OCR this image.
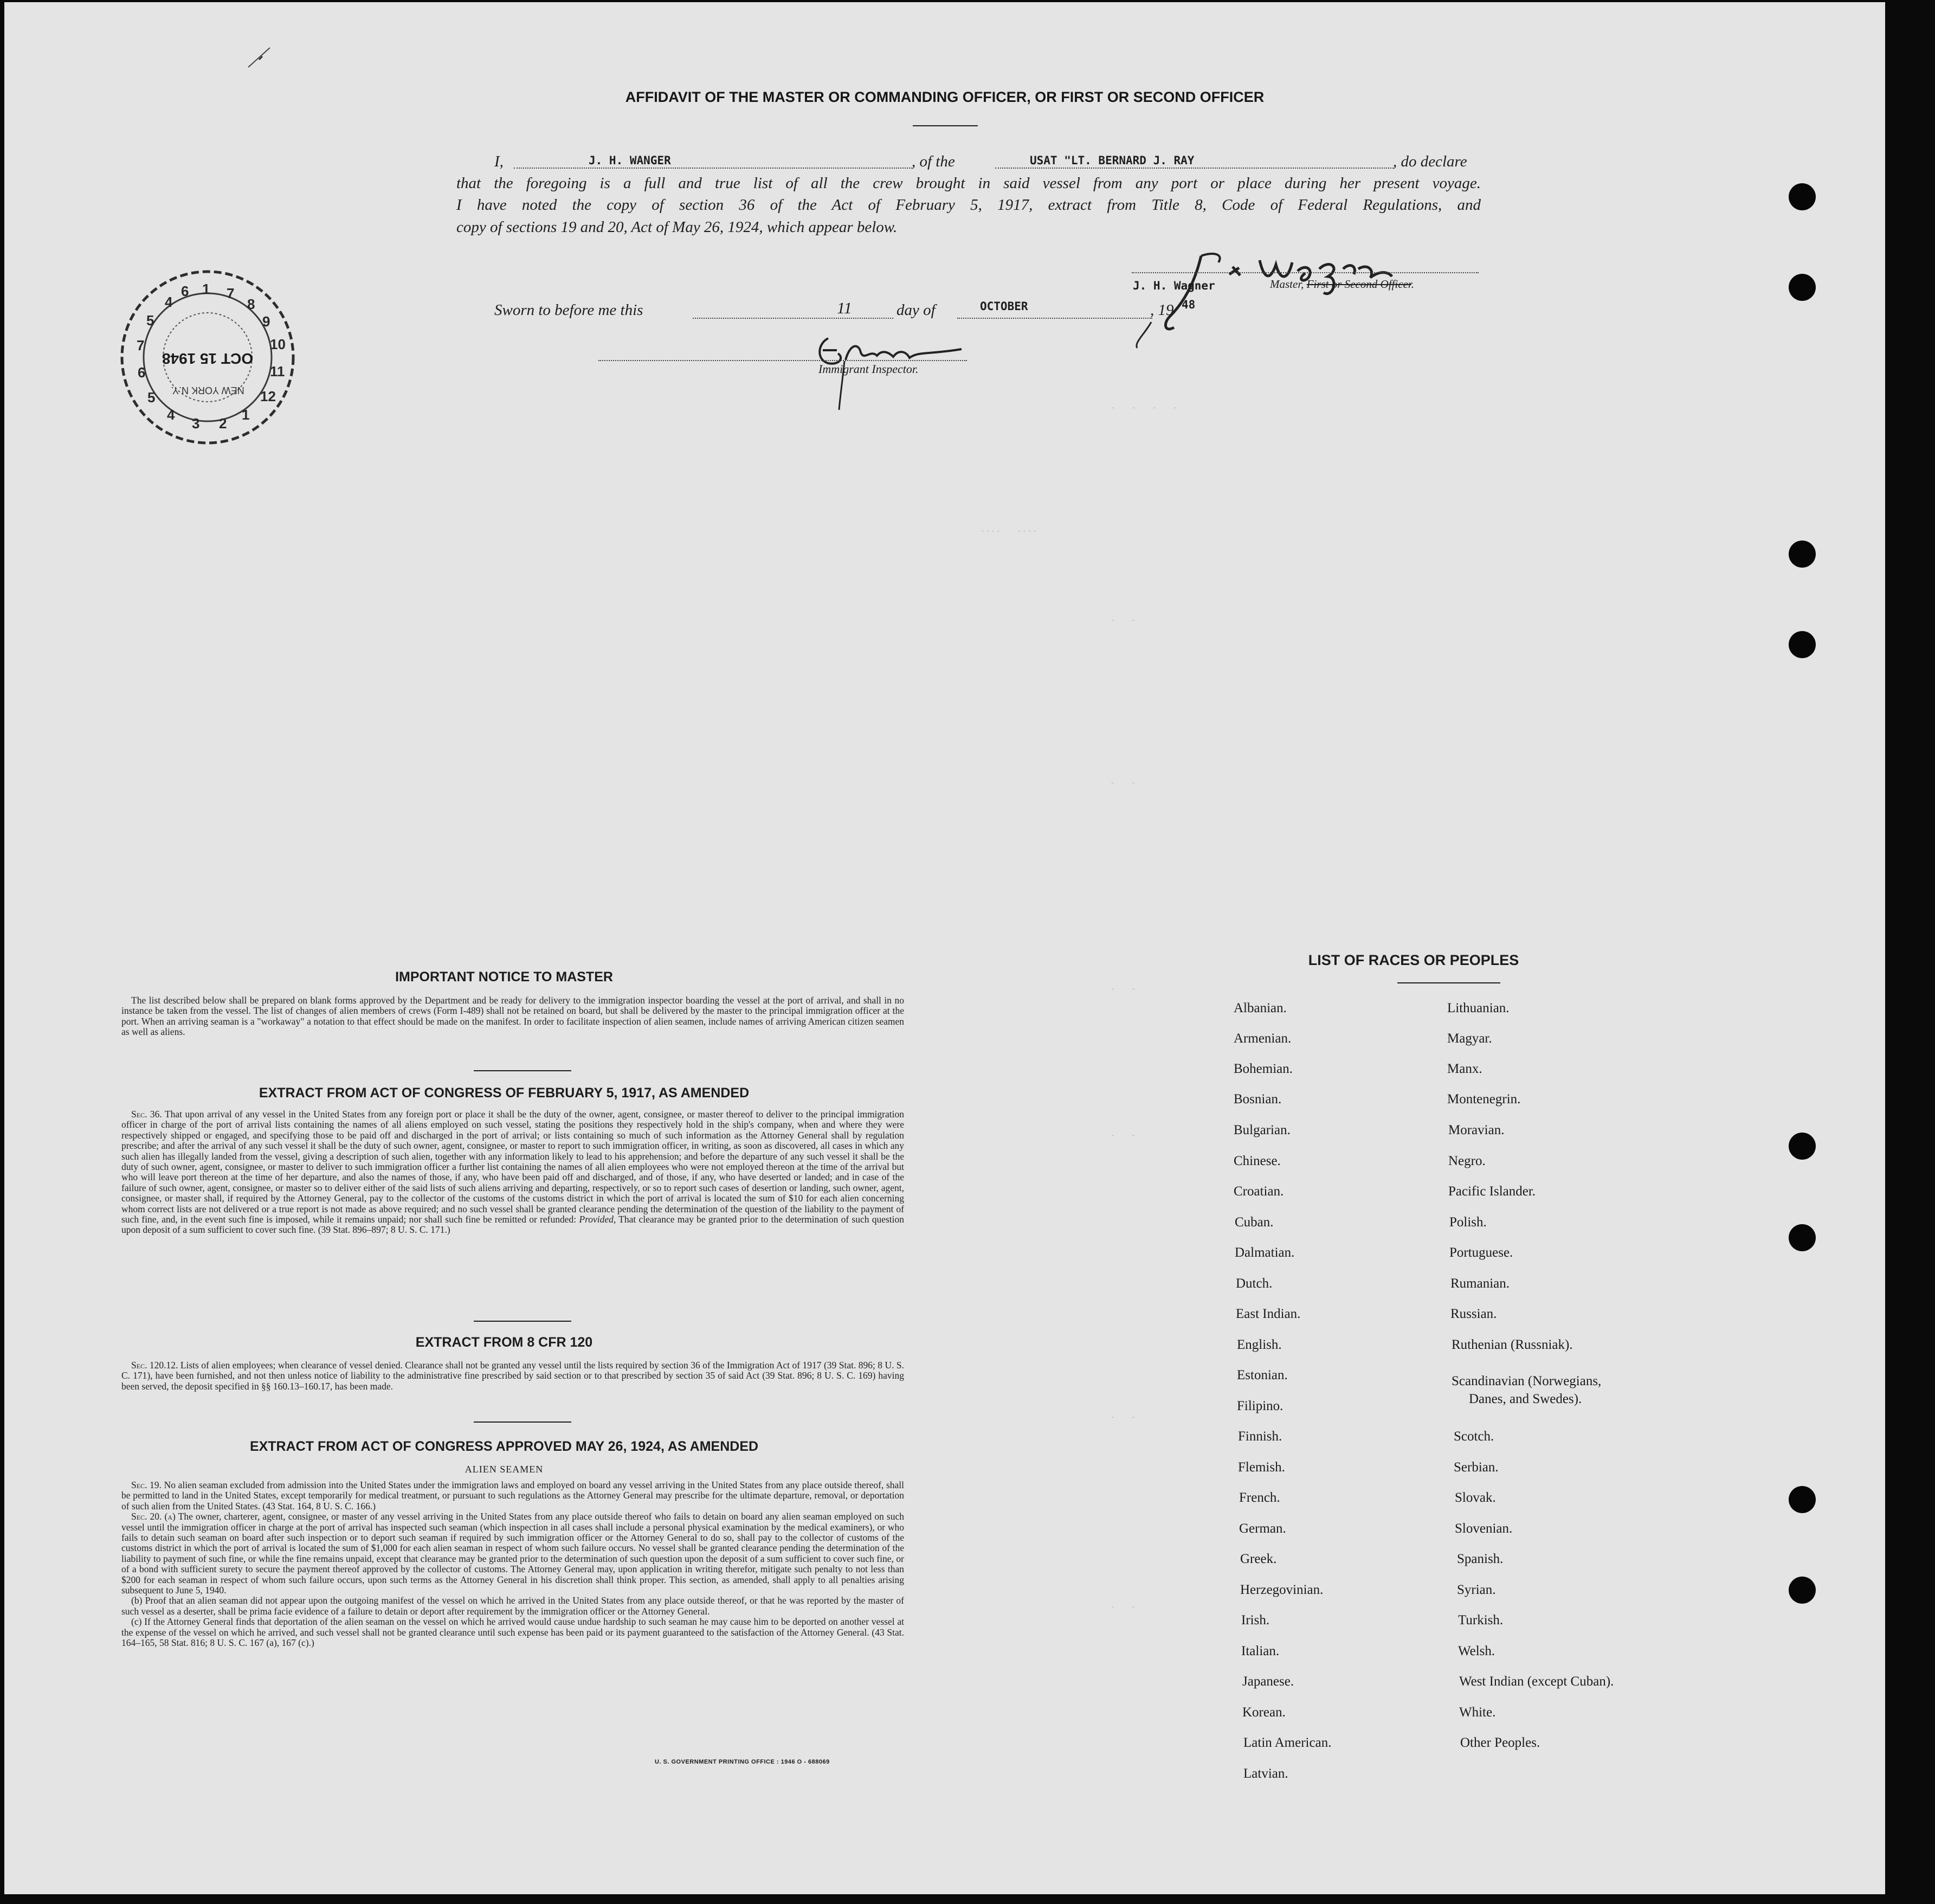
-   -   -   -
....   ....
-   -
-   -
-   -
-   -
-   -
-   -
1 7
8
9
10
11
12
1
2
3
4
5
6
7
5
4
6
OCT 15 1948
NEW YORK N.Y.
AFFIDAVIT OF THE MASTER OR COMMANDING OFFICER, OR FIRST OR SECOND OFFICER
I,	J. H. WANGER	, of the	USAT "LT. BERNARD J. RAY	, do declare
that the foregoing is a full and true list of all the crew brought in said vessel from any port or place during her present voyage.
I have noted the copy of section 36 of the Act of February 5, 1917, extract from Title 8, Code of Federal Regulations, and
copy of sections 19 and 20, Act of May 26, 1924, which appear below.
J. H. Wagner	Master, First or Second Officer.
Sworn to before me this	11	day of	OCTOBER	, 19 48
Immigrant Inspector.
IMPORTANT NOTICE TO MASTER

The list described below shall be prepared on blank forms approved by the Department and be ready for delivery to the immigration inspector boarding the vessel at the port of arrival, and shall in no instance be taken from the vessel. The list of changes of alien members of crews (Form I-489) shall not be retained on board, but shall be delivered by the master to the principal immigration officer at the port. When an arriving seaman is a "workaway" a notation to that effect should be made on the manifest. In order to facilitate inspection of alien seamen, include names of arriving American citizen seamen as well as aliens.

EXTRACT FROM ACT OF CONGRESS OF FEBRUARY 5, 1917, AS AMENDED

Sec. 36. That upon arrival of any vessel in the United States from any foreign port or place it shall be the duty of the owner, agent, consignee, or master thereof to deliver to the principal immigration officer in charge of the port of arrival lists containing the names of all aliens employed on such vessel, stating the positions they respectively hold in the ship's company, when and where they were respectively shipped or engaged, and specifying those to be paid off and discharged in the port of arrival; or lists containing so much of such information as the Attorney General shall by regulation prescribe; and after the arrival of any such vessel it shall be the duty of such owner, agent, consignee, or master to report to such immigration officer, in writing, as soon as discovered, all cases in which any such alien has illegally landed from the vessel, giving a description of such alien, together with any information likely to lead to his apprehension; and before the departure of any such vessel it shall be the duty of such owner, agent, consignee, or master to deliver to such immigration officer a further list containing the names of all alien employees who were not employed thereon at the time of the arrival but who will leave port thereon at the time of her departure, and also the names of those, if any, who have been paid off and discharged, and of those, if any, who have deserted or landed; and in case of the failure of such owner, agent, consignee, or master so to deliver either of the said lists of such aliens arriving and departing, respectively, or so to report such cases of desertion or landing, such owner, agent, consignee, or master shall, if required by the Attorney General, pay to the collector of the customs of the customs district in which the port of arrival is located the sum of $10 for each alien concerning whom correct lists are not delivered or a true report is not made as above required; and no such vessel shall be granted clearance pending the determination of the question of the liability to the payment of such fine, and, in the event such fine is imposed, while it remains unpaid; nor shall such fine be remitted or refunded: Provided, That clearance may be granted prior to the determination of such question upon deposit of a sum sufficient to cover such fine. (39 Stat. 896–897; 8 U. S. C. 171.)

EXTRACT FROM 8 CFR 120

Sec. 120.12. Lists of alien employees; when clearance of vessel denied. Clearance shall not be granted any vessel until the lists required by section 36 of the Immigration Act of 1917 (39 Stat. 896; 8 U. S. C. 171), have been furnished, and not then unless notice of liability to the administrative fine prescribed by said section or to that prescribed by section 35 of said Act (39 Stat. 896; 8 U. S. C. 169) having been served, the deposit specified in §§ 160.13–160.17, has been made.

EXTRACT FROM ACT OF CONGRESS APPROVED MAY 26, 1924, AS AMENDED
ALIEN SEAMEN

Sec. 19. No alien seaman excluded from admission into the United States under the immigration laws and employed on board any vessel arriving in the United States from any place outside thereof, shall be permitted to land in the United States, except temporarily for medical treatment, or pursuant to such regulations as the Attorney General may prescribe for the ultimate departure, removal, or deportation of such alien from the United States. (43 Stat. 164, 8 U. S. C. 166.)

Sec. 20. (a) The owner, charterer, agent, consignee, or master of any vessel arriving in the United States from any place outside thereof who fails to detain on board any alien seaman employed on such vessel until the immigration officer in charge at the port of arrival has inspected such seaman (which inspection in all cases shall include a personal physical examination by the medical examiners), or who fails to detain such seaman on board after such inspection or to deport such seaman if required by such immigration officer or the Attorney General to do so, shall pay to the collector of customs of the customs district in which the port of arrival is located the sum of $1,000 for each alien seaman in respect of whom such failure occurs. No vessel shall be granted clearance pending the determination of the liability to payment of such fine, or while the fine remains unpaid, except that clearance may be granted prior to the determination of such question upon the deposit of a sum sufficient to cover such fine, or of a bond with sufficient surety to secure the payment thereof approved by the collector of customs. The Attorney General may, upon application in writing therefor, mitigate such penalty to not less than $200 for each seaman in respect of whom such failure occurs, upon such terms as the Attorney General in his discretion shall think proper. This section, as amended, shall apply to all penalties arising subsequent to June 5, 1940.

(b) Proof that an alien seaman did not appear upon the outgoing manifest of the vessel on which he arrived in the United States from any place outside thereof, or that he was reported by the master of such vessel as a deserter, shall be prima facie evidence of a failure to detain or deport after requirement by the immigration officer or the Attorney General.

(c) If the Attorney General finds that deportation of the alien seaman on the vessel on which he arrived would cause undue hardship to such seaman he may cause him to be deported on another vessel at the expense of the vessel on which he arrived, and such vessel shall not be granted clearance until such expense has been paid or its payment guaranteed to the satisfaction of the Attorney General. (43 Stat. 164–165, 58 Stat. 816; 8 U. S. C. 167 (a), 167 (c).)

U. S. GOVERNMENT PRINTING OFFICE : 1946 O - 688069
LIST OF RACES OR PEOPLES
Albanian.
Armenian.
Bohemian.
Bosnian.
Bulgarian.
Chinese.
Croatian.
Cuban.
Dalmatian.
Dutch.
East Indian.
English.
Estonian.
Filipino.
Finnish.
Flemish.
French.
German.
Greek.
Herzegovinian.
Irish.
Italian.
Japanese.
Korean.
Latin American.
Latvian.
Lithuanian.
Magyar.
Manx.
Montenegrin.
Moravian.
Negro.
Pacific Islander.
Polish.
Portuguese.
Rumanian.
Russian.
Ruthenian (Russniak).
Scandinavian (Norwegians,
Danes, and Swedes).
Scotch.
Serbian.
Slovak.
Slovenian.
Spanish.
Syrian.
Turkish.
Welsh.
West Indian (except Cuban).
White.
Other Peoples.
